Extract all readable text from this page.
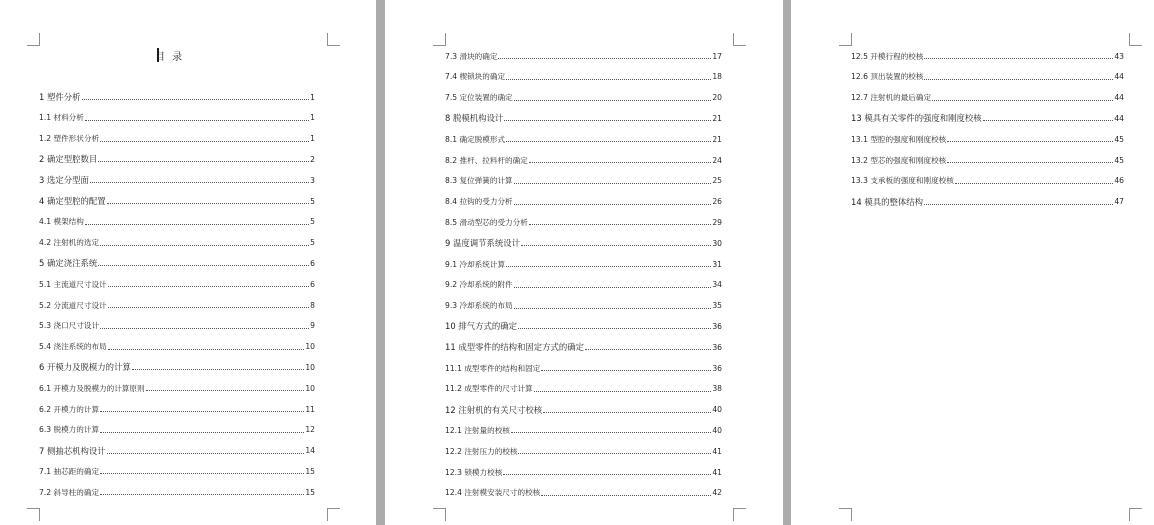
目 录
1 塑件分析	1
1.1 材料分析	1
1.2 塑件形状分析	1
2 确定型腔数目	2
3 选定分型面	3
4 确定型腔的配置	5
4.1 模架结构	5
4.2 注射机的选定	5
5 确定浇注系统	6
5.1 主流道尺寸设计	6
5.2 分流道尺寸设计	8
5.3 浇口尺寸设计	9
5.4 浇注系统的布局	10
6 开模力及脱模力的计算	10
6.1 开模力及脱模力的计算原则	10
6.2 开模力的计算	11
6.3 脱模力的计算	12
7 侧抽芯机构设计	14
7.1 抽芯距的确定	15
7.2 斜导柱的确定	15
7.3 滑块的确定	17
7.4 楔锁块的确定	18
7.5 定位装置的确定	20
8 脱模机构设计	21
8.1 确定脱模形式	21
8.2 推杆、拉料杆的确定	24
8.3 复位弹簧的计算	25
8.4 拉钩的受力分析	26
8.5 滑动型芯的受力分析	29
9 温度调节系统设计	30
9.1 冷却系统计算	31
9.2 冷却系统的附件	34
9.3 冷却系统的布局	35
10 排气方式的确定	36
11 成型零件的结构和固定方式的确定	36
11.1 成型零件的结构和固定	36
11.2 成型零件的尺寸计算	38
12 注射机的有关尺寸校核	40
12.1 注射量的校核	40
12.2 注射压力的校核	41
12.3 锁模力校核	41
12.4 注射模安装尺寸的校核	42
12.5 开模行程的校核	43
12.6 顶出装置的校核	44
12.7 注射机的最后确定	44
13 模具有关零件的强度和刚度校核	44
13.1 型腔的强度和刚度校核	45
13.2 型芯的强度和刚度校核	45
13.3 支承板的强度和刚度校核	46
14 模具的整体结构	47
